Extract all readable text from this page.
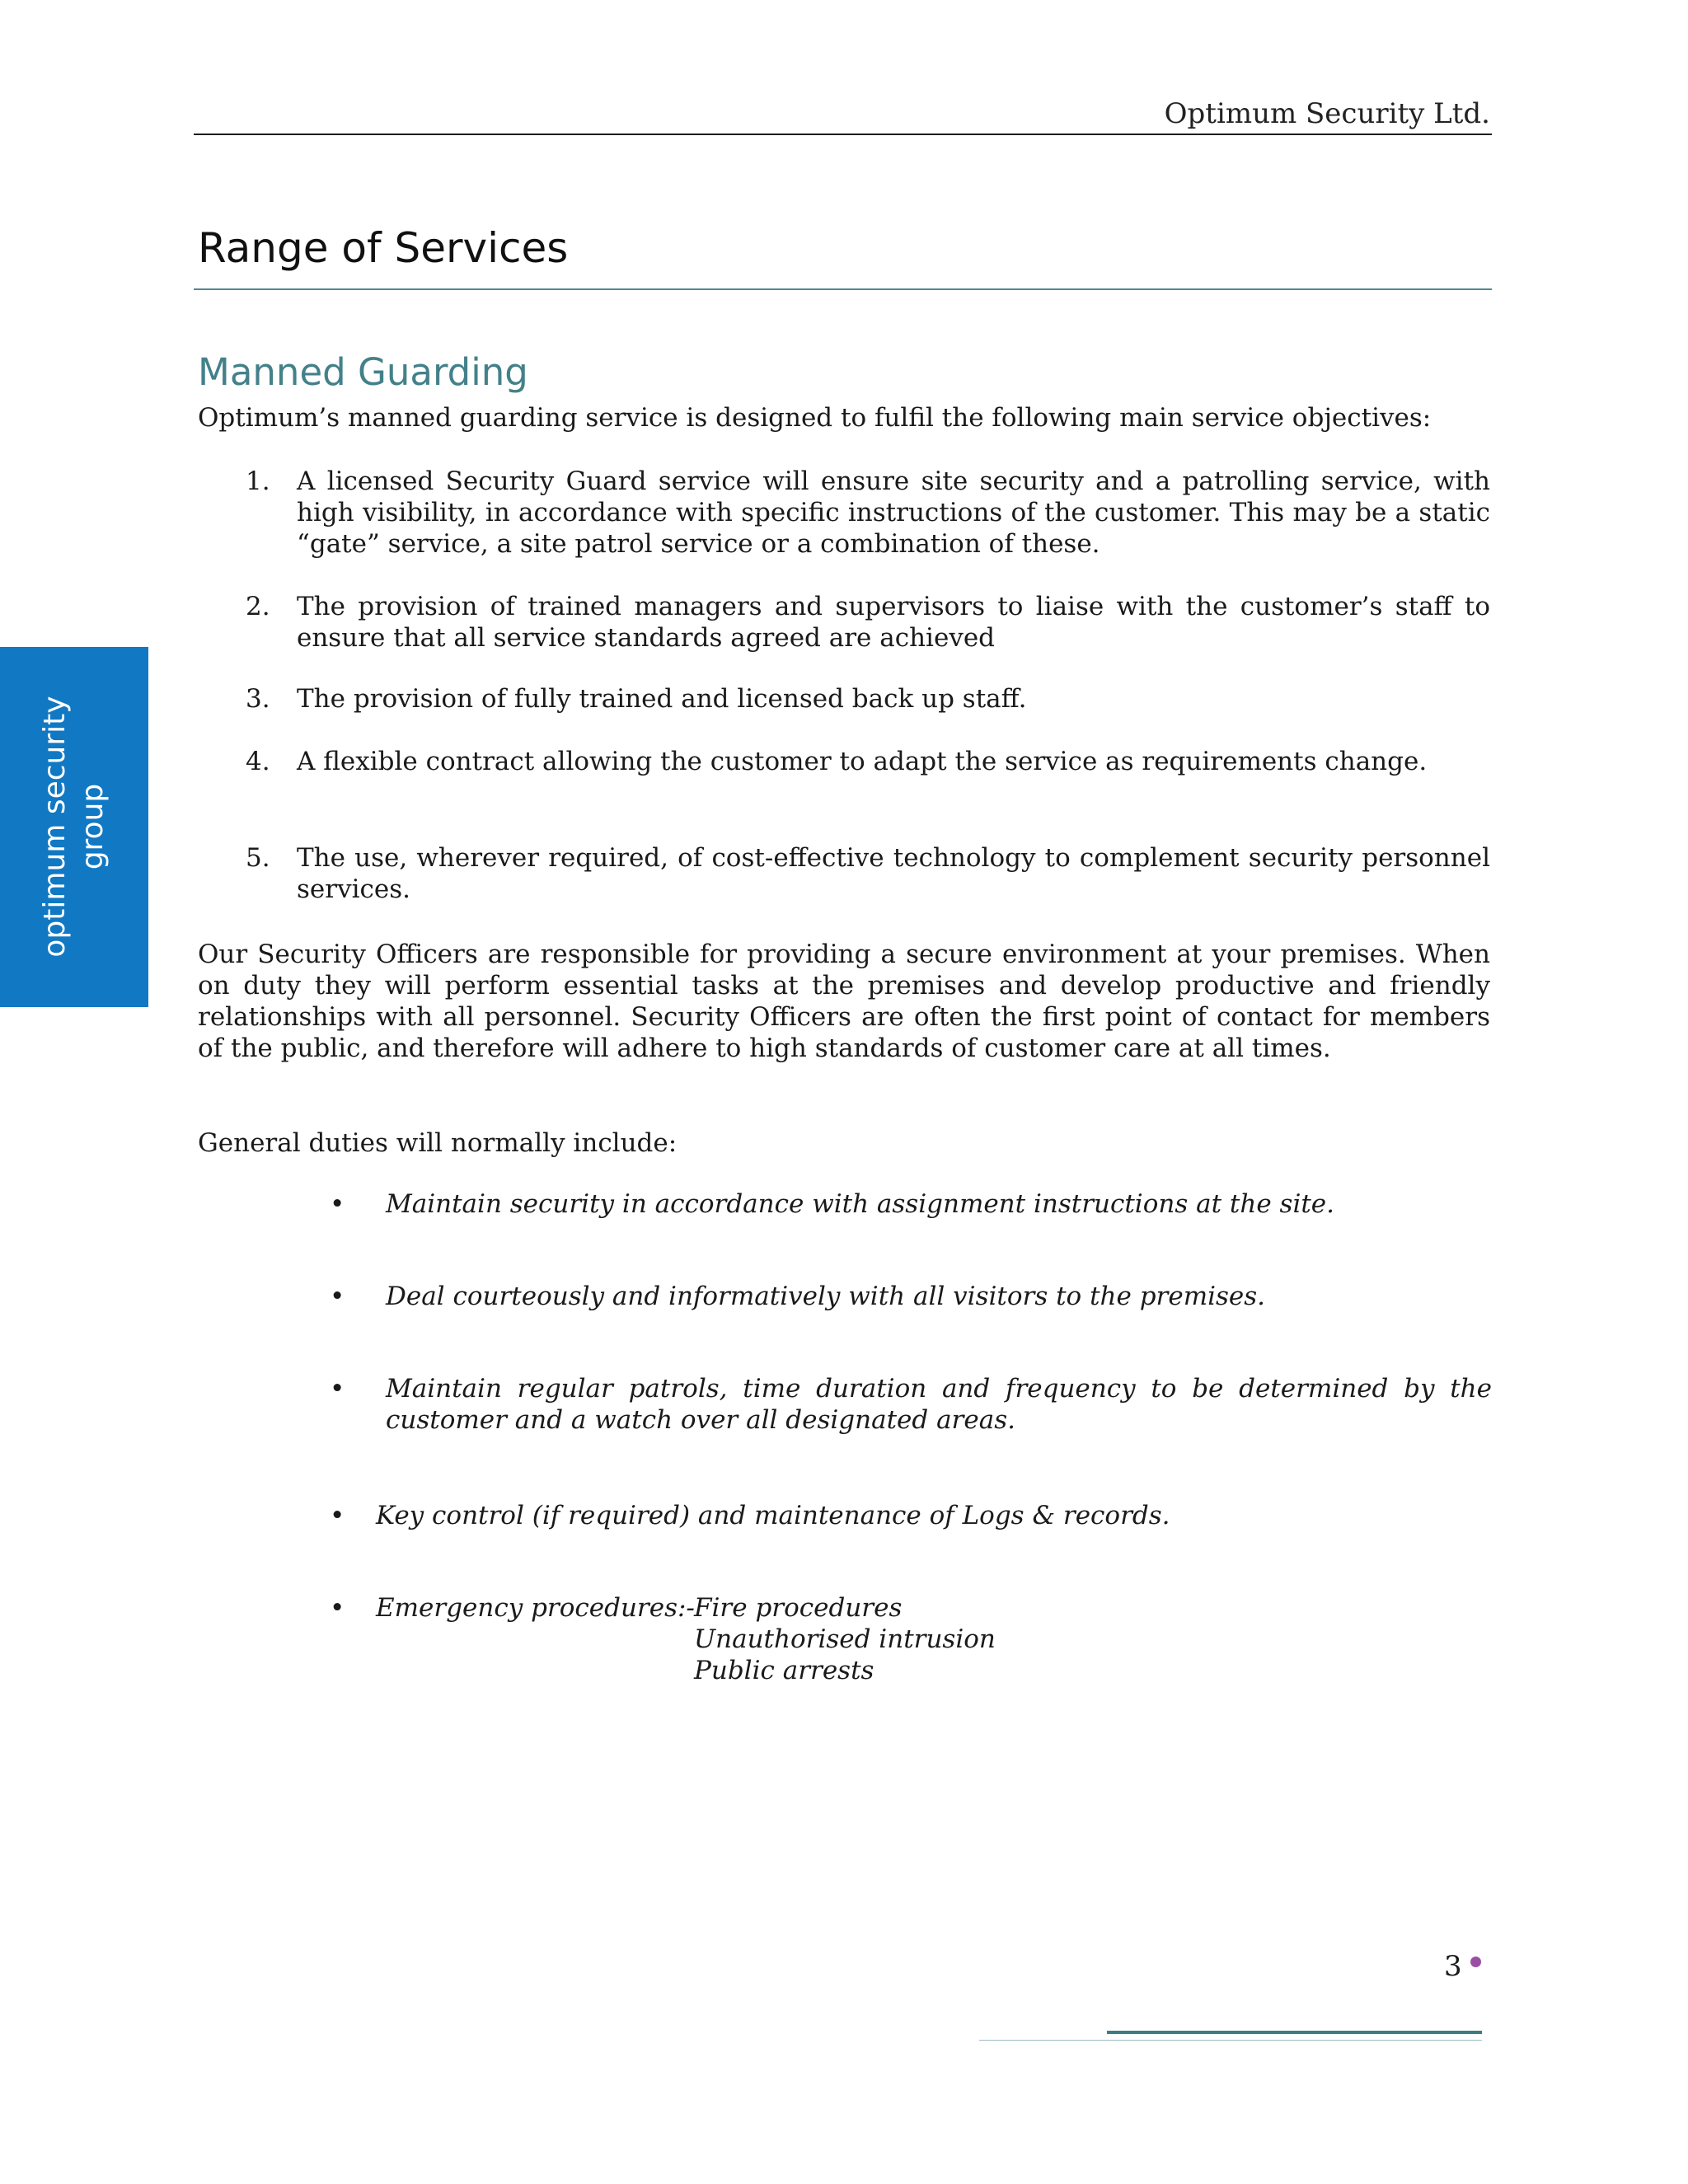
Optimum Security Ltd.
Range of Services
Manned Guarding
Optimum’s manned guarding service is designed to fulfil the following main service objectives:
1.	A licensed Security Guard service will ensure site security and a patrolling service, with high visibility, in accordance with specific instructions of the customer. This may be a static “gate” service, a site patrol service or a combination of these.
2.	The provision of trained managers and supervisors to liaise with the customer’s staff to ensure that all service standards agreed are achieved
3.	The provision of fully trained and licensed back up staff.
4.	A flexible contract allowing the customer to adapt the service as requirements change.
5.	The use, wherever required, of cost-effective technology to complement security personnel services.
Our Security Officers are responsible for providing a secure environment at your premises. When on duty they will perform essential tasks at the premises and develop productive and friendly relationships with all personnel. Security Officers are often the first point of contact for members of the public, and therefore will adhere to high standards of customer care at all times.
General duties will normally include:
• Maintain security in accordance with assignment instructions at the site.
• Deal courteously and informatively with all visitors to the premises.
• Maintain regular patrols, time duration and frequency to be determined by the customer and a watch over all designated areas.
• Key control (if required) and maintenance of Logs & records.
• Emergency procedures:- Fire procedures
Unauthorised intrusion
Public arrests
optimum security group
3
